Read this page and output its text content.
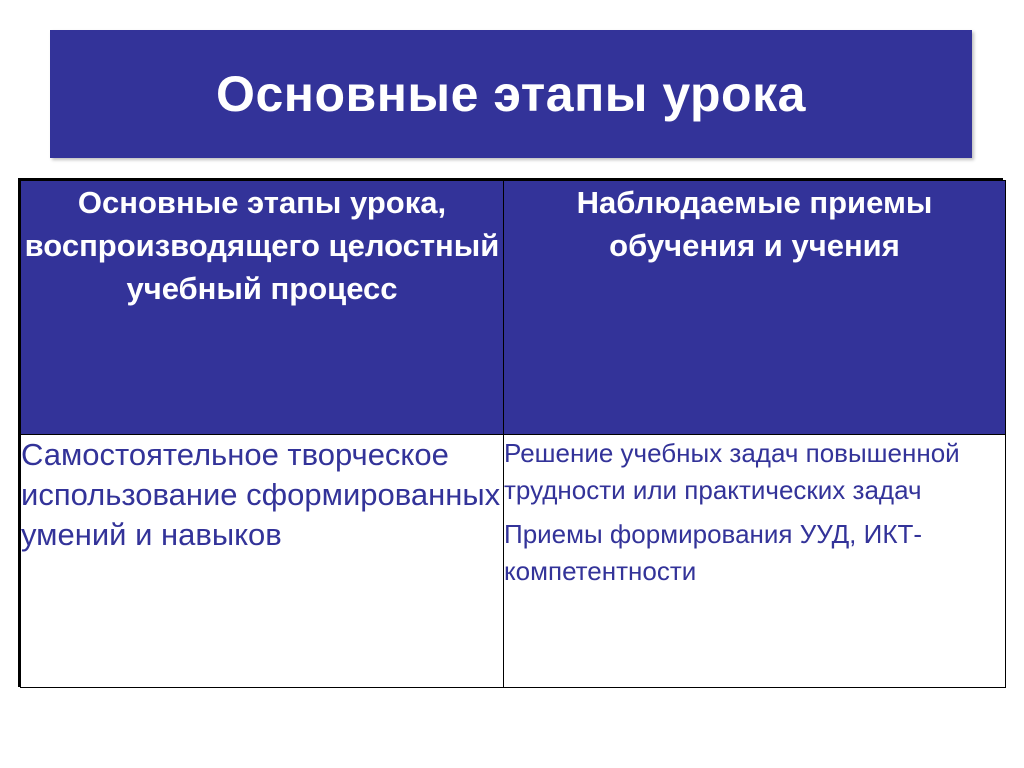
Основные этапы урока
Основные этапы урока, воспроизводящего целостный учебный процесс	Наблюдаемые приемы обучения и учения
Самостоятельное творческое использование сформированных умений и навыков	Решение учебных задач повышенной трудности или практических задач
Приемы формирования УУД, ИКТ-компетентности
